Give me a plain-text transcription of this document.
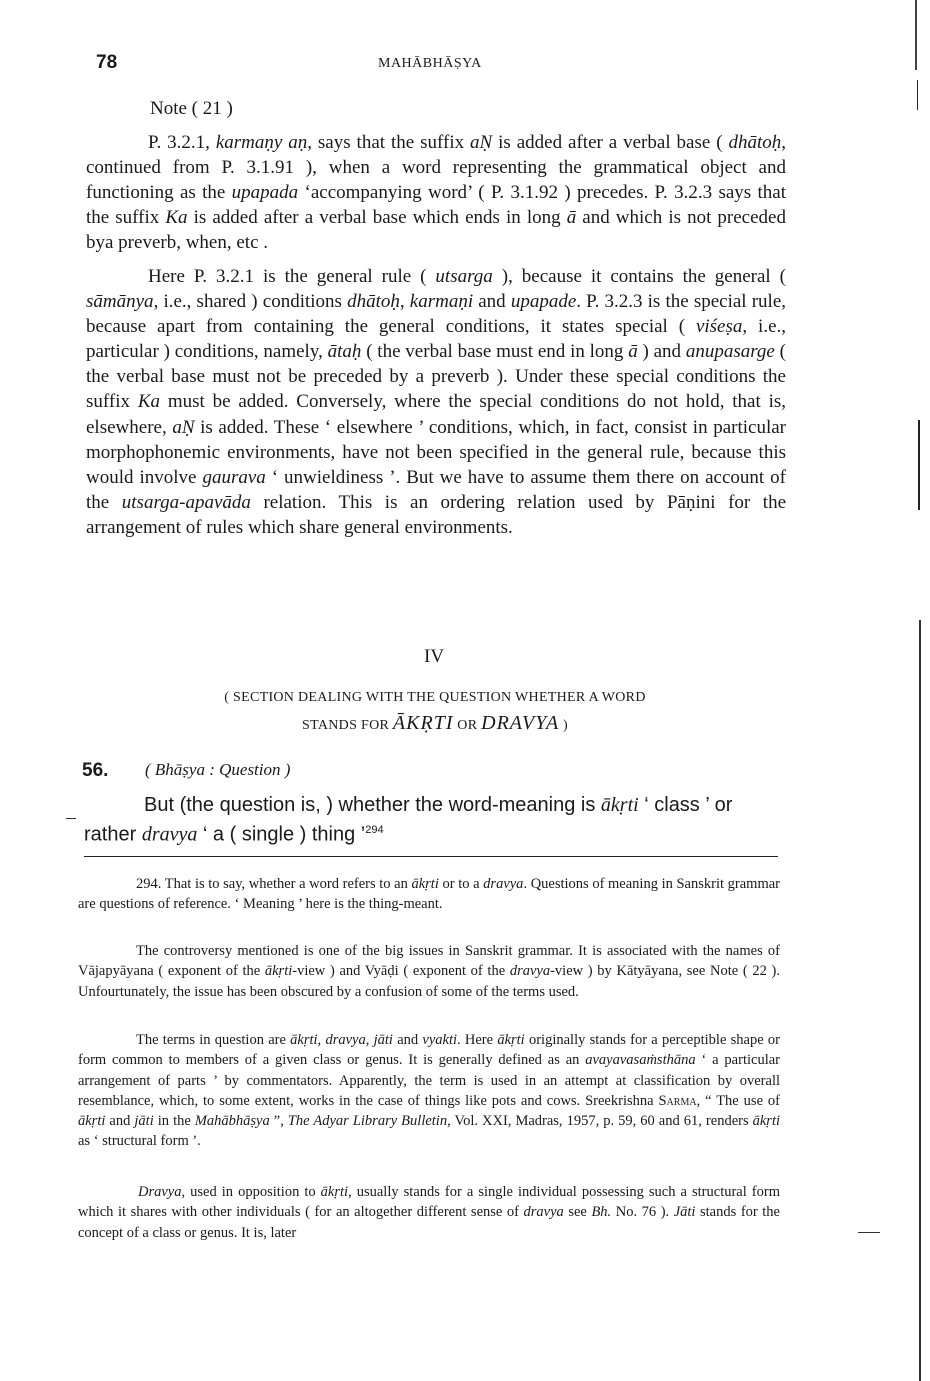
78	MAHĀBHĀṢYA
Note ( 21 )

P. 3.2.1, karmaṇy aṇ, says that the suffix aṆ is added after a verbal base ( dhātoḥ, continued from P. 3.1.91 ), when a word representing the grammatical object and functioning as the upapada ‘accompanying word’ ( P. 3.1.92 ) precedes. P. 3.2.3 says that the suffix Ka is added after a verbal base which ends in long ā and which is not preceded bya preverb, when, etc .

Here P. 3.2.1 is the general rule ( utsarga ), because it contains the general ( sāmānya, i.e., shared ) conditions dhātoḥ, karmaṇi and upapade. P. 3.2.3 is the special rule, because apart from containing the general conditions, it states special ( viśeṣa, i.e., particular ) conditions, namely, ātaḥ ( the verbal base must end in long ā ) and anupasarge ( the verbal base must not be preceded by a preverb ). Under these special conditions the suffix Ka must be added. Conversely, where the special conditions do not hold, that is, elsewhere, aṆ is added. These ‘ elsewhere ’ conditions, which, in fact, consist in particular morphophonemic environments, have not been specified in the general rule, because this would involve gaurava ‘ unwieldiness ’. But we have to assume them there on account of the utsarga-apavāda relation. This is an ordering relation used by Pāṇini for the arrangement of rules which share general environments.

IV
( SECTION DEALING WITH THE QUESTION WHETHER A WORD
STANDS FOR ĀKṚTI OR DRAVYA )
56. ( Bhāṣya : Question )

But (the question is, ) whether the word-meaning is ākṛti ‘ class ’ or rather dravya ‘ a ( single ) thing ’$^{294}$

294. That is to say, whether a word refers to an ākṛti or to a dravya. Questions of meaning in Sanskrit grammar are questions of reference. ‘ Meaning ’ here is the thing-meant.

The controversy mentioned is one of the big issues in Sanskrit grammar. It is associated with the names of Vājapyāyana ( exponent of the ākṛti-view ) and Vyāḍi ( exponent of the dravya-view ) by Kātyāyana, see Note ( 22 ). Unfourtunately, the issue has been obscured by a confusion of some of the terms used.

The terms in question are ākṛti, dravya, jāti and vyakti. Here ākṛti originally stands for a perceptible shape or form common to members of a given class or genus. It is generally defined as an avayavasaṁsthāna ‘ a particular arrangement of parts ’ by commentators. Apparently, the term is used in an attempt at classification by overall resemblance, which, to some extent, works in the case of things like pots and cows. Sreekrishna Sarma, “ The use of ākṛti and jāti in the Mahābhāṣya ”, The Adyar Library Bulletin, Vol. XXI, Madras, 1957, p. 59, 60 and 61, renders ākṛti as ‘ structural form ’.

Dravya, used in opposition to ākṛti, usually stands for a single individual possessing such a structural form which it shares with other individuals ( for an altogether different sense of dravya see Bh. No. 76 ). Jāti stands for the concept of a class or genus. It is, later
